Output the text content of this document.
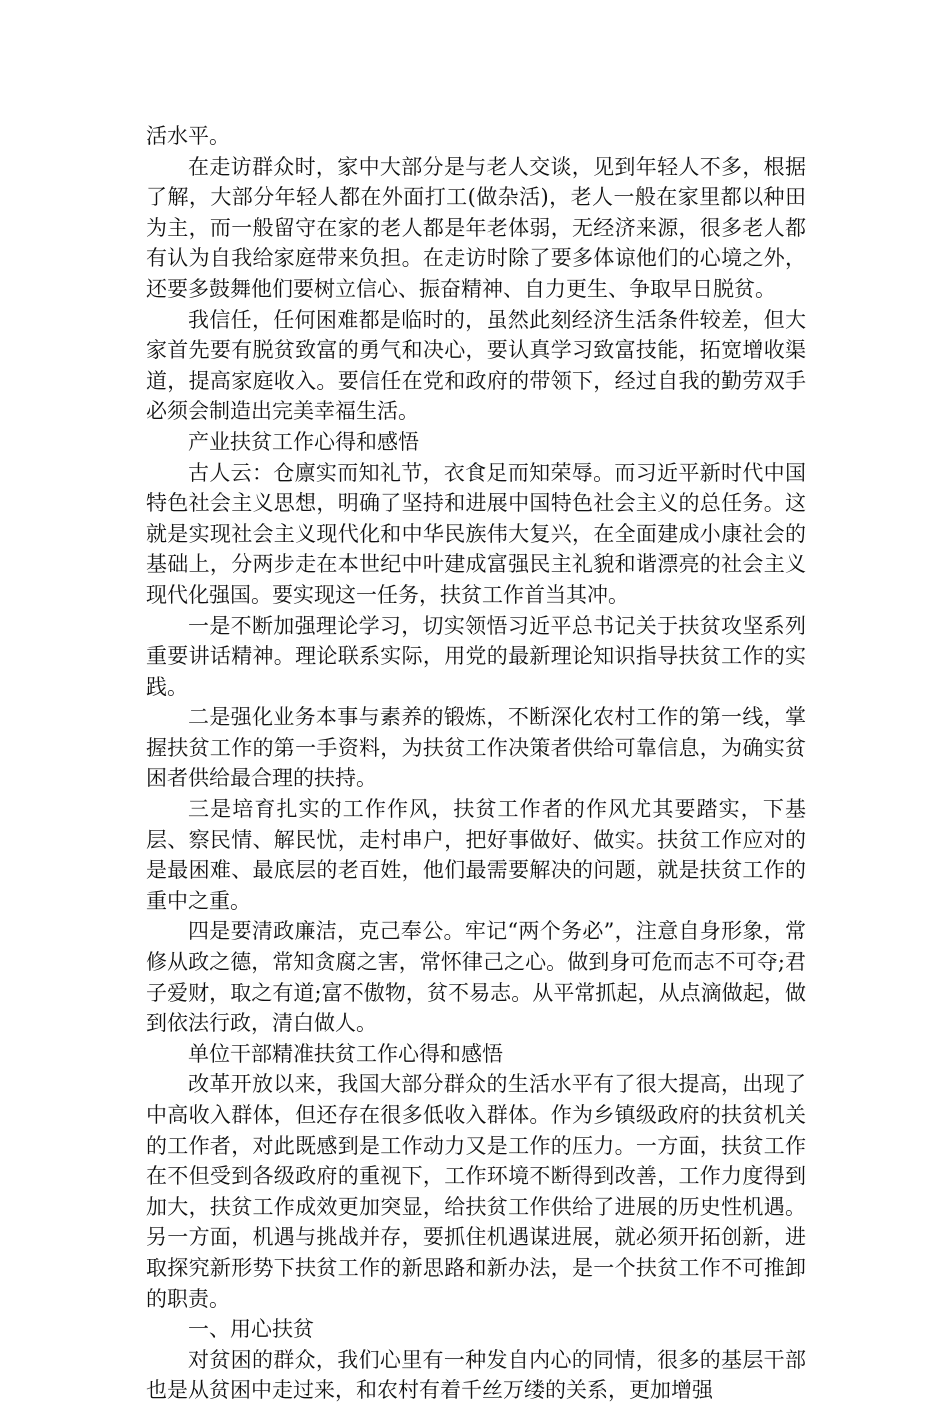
活水平。

在走访群众时，家中大部分是与老人交谈，见到年轻人不多，根据了解，大部分年轻人都在外面打工(做杂活)，老人一般在家里都以种田为主，而一般留守在家的老人都是年老体弱，无经济来源，很多老人都有认为自我给家庭带来负担。在走访时除了要多体谅他们的心境之外，还要多鼓舞他们要树立信心、振奋精神、自力更生、争取早日脱贫。

我信任，任何困难都是临时的，虽然此刻经济生活条件较差，但大家首先要有脱贫致富的勇气和决心，要认真学习致富技能，拓宽增收渠道，提高家庭收入。要信任在党和政府的带领下，经过自我的勤劳双手必须会制造出完美幸福生活。

产业扶贫工作心得和感悟

古人云：仓廪实而知礼节，衣食足而知荣辱。而习近平新时代中国特色社会主义思想，明确了坚持和进展中国特色社会主义的总任务。这就是实现社会主义现代化和中华民族伟大复兴，在全面建成小康社会的基础上，分两步走在本世纪中叶建成富强民主礼貌和谐漂亮的社会主义现代化强国。要实现这一任务，扶贫工作首当其冲。

一是不断加强理论学习，切实领悟习近平总书记关于扶贫攻坚系列重要讲话精神。理论联系实际，用党的最新理论知识指导扶贫工作的实践。

二是强化业务本事与素养的锻炼，不断深化农村工作的第一线，掌握扶贫工作的第一手资料，为扶贫工作决策者供给可靠信息，为确实贫困者供给最合理的扶持。

三是培育扎实的工作作风，扶贫工作者的作风尤其要踏实，下基层、察民情、解民忧，走村串户，把好事做好、做实。扶贫工作应对的是最困难、最底层的老百姓，他们最需要解决的问题，就是扶贫工作的重中之重。

四是要清政廉洁，克己奉公。牢记“两个务必”，注意自身形象，常修从政之德，常知贪腐之害，常怀律己之心。做到身可危而志不可夺;君子爱财，取之有道;富不傲物，贫不易志。从平常抓起，从点滴做起，做到依法行政，清白做人。

单位干部精准扶贫工作心得和感悟

改革开放以来，我国大部分群众的生活水平有了很大提高，出现了中高收入群体，但还存在很多低收入群体。作为乡镇级政府的扶贫机关的工作者，对此既感到是工作动力又是工作的压力。一方面，扶贫工作在不但受到各级政府的重视下，工作环境不断得到改善，工作力度得到加大，扶贫工作成效更加突显，给扶贫工作供给了进展的历史性机遇。另一方面，机遇与挑战并存，要抓住机遇谋进展，就必须开拓创新，进取探究新形势下扶贫工作的新思路和新办法，是一个扶贫工作不可推卸的职责。

一、用心扶贫

对贫困的群众，我们心里有一种发自内心的同情，很多的基层干部也是从贫困中走过来，和农村有着千丝万缕的关系，更加增强
